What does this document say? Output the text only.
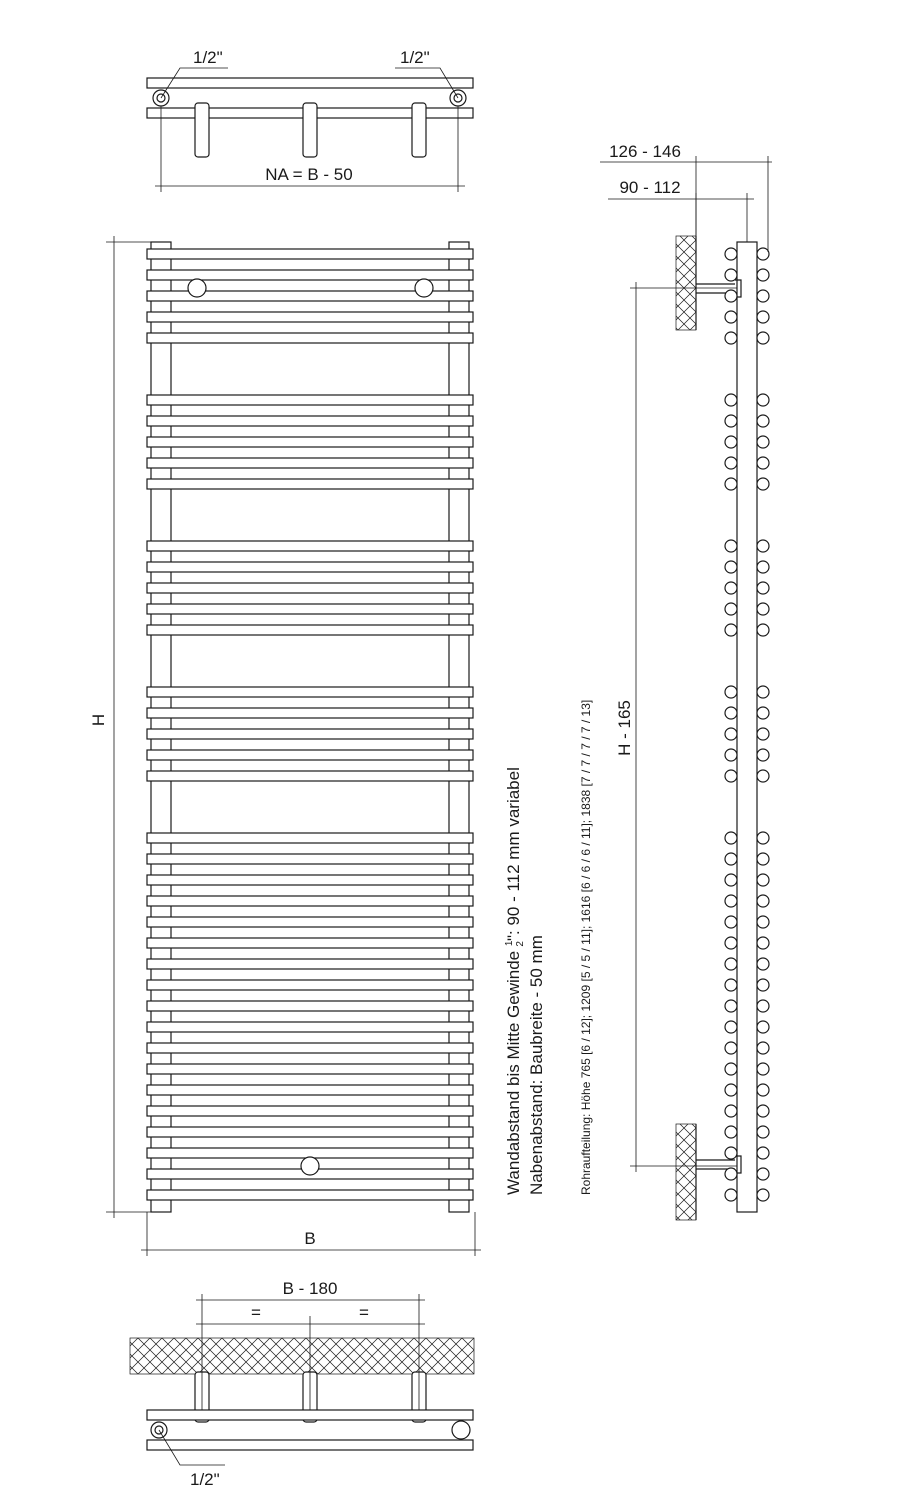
1/2"	1/2"
NA = B - 50
H
B
1/2"
B - 180
=	=
Wandabstand bis Mitte Gewinde $^1$2": 90 - 112 mm variabel
Nabenabstand: Baubreite - 50 mm	Rohraufteilung: Höhe 765 [6 / 12]; 1209 [5 / 5 / 11]; 1616 [6 / 6 / 6 / 11]; 1838 [7 / 7 / 7 / 7 / 13]
126 - 146
90 - 112
H - 165
